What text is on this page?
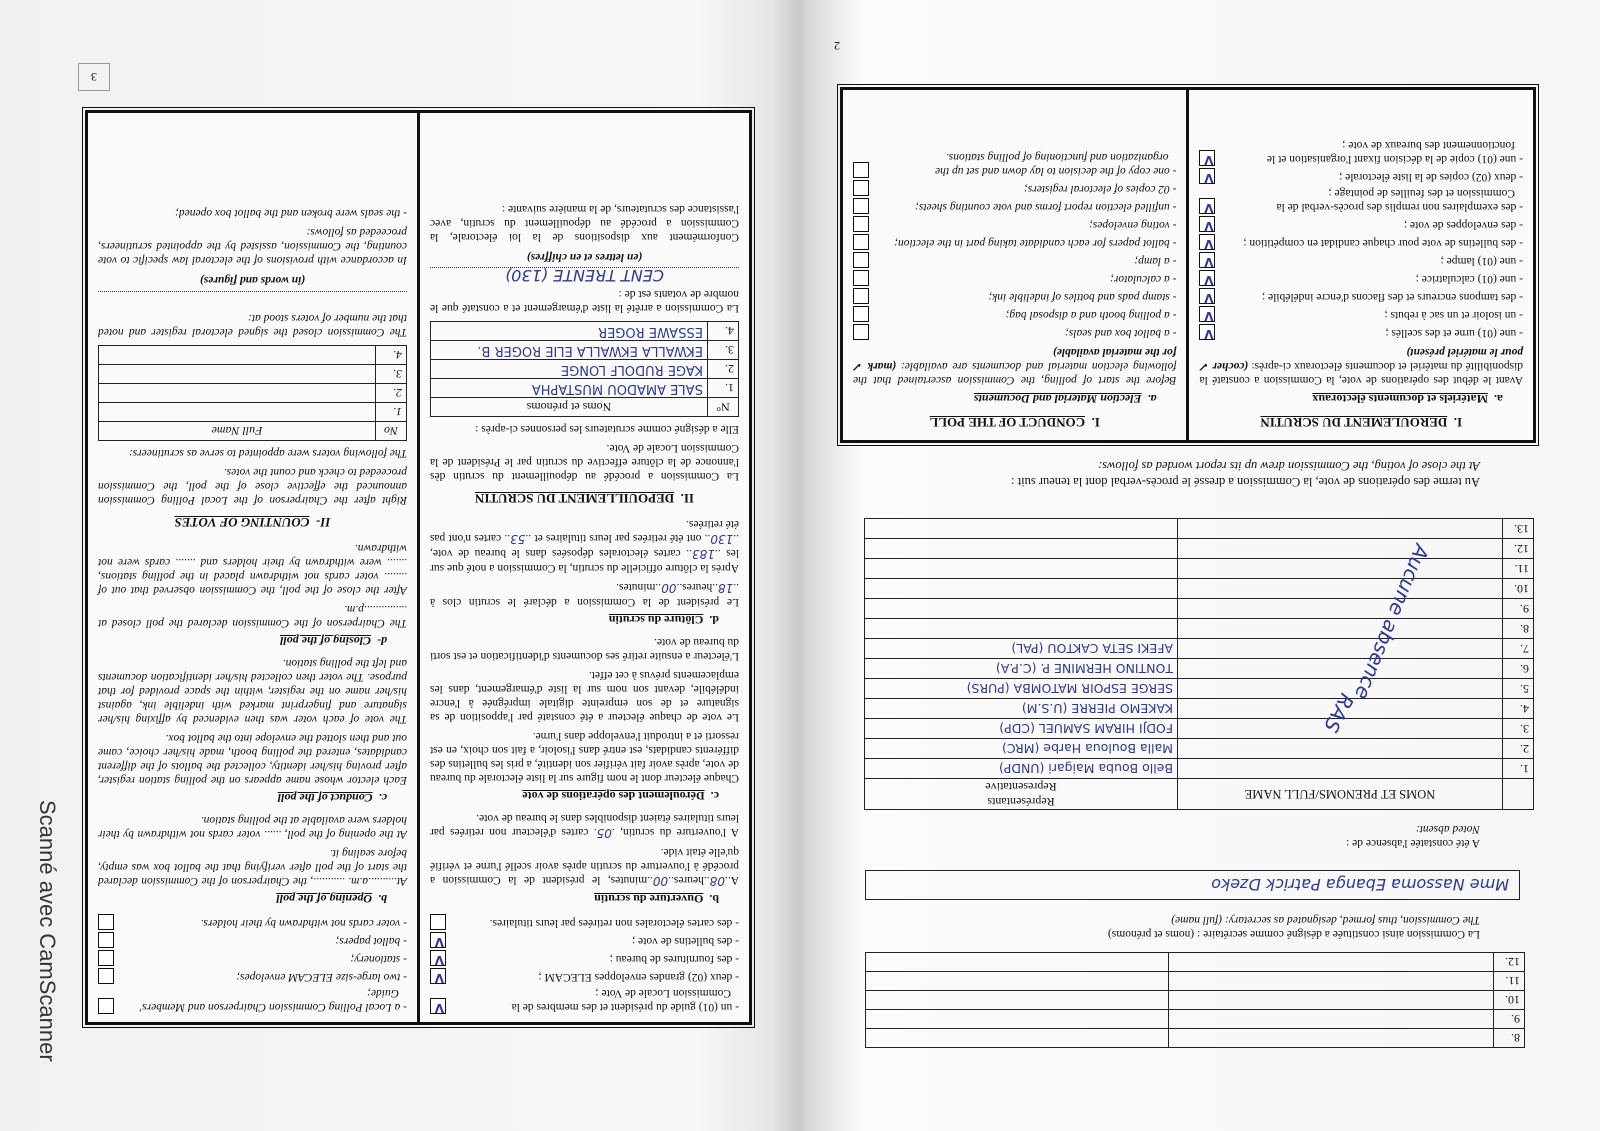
2
8.		
9.		
10.		
11.		
12.		
La Commission ainsi constituée a désigné comme secrétaire : (noms et prénoms)
The Commission, thus formed, designated as secretary: (full name)
Mme Nassoma Ebanga Patrick Dzeko
A été constatée l'absence de :
Noted absent:
	NOMS ET PRENOMS/FULL NAME	Représentants
Representative

1.		Bello Bouba Maigari (UNDP)
2.		Malla Bouloua Harbe (MRC)
3.		FODJI HIRAM SAMUEL (CDP)
4.		KAKEMO PIERRE (U.S.M)
5.		SERGE ESPOIR MATOMBA (PURS)
6.		TONTINO HERMINE P. (C.P.A)
7.		AFEKI SETA CAKTOU (PAL)
8.		
9.		
10.		
11.		
12.		
13.		
Aucune absence
RAS
Au terme des opérations de vote, la Commission a dressé le procès-verbal dont la teneur suit :
At the close of voting, the Commission drew up its report worded as follows:
I.  DEROULEMENT DU SCRUTIN
a.  Matériels et documents électoraux

Avant le début des opérations de vote, la Commission a constaté la disponibilité du matériel et documents électoraux ci-après: (cocher ✓ pour le matériel présent)

- une (01) urne et des scellés ;
V
- un isoloir et un sac à rebuts ;
V
- des tampons encreurs et des flacons d'encre indélébile ;
V
- une (01) calculatrice ;
V
- une (01) lampe ;
V
- des bulletins de vote pour chaque candidat en compétition ;
V
- des enveloppes de vote ;
V
- des exemplaires non remplis des procès-verbal de la Commission et des feuilles de pointage ;
V
- deux (02) copies de la liste électorale ;
V
- une (01) copie de la décision fixant l'organisation et le fonctionnement des bureaux de vote ;
V
I.  CONDUCT OF THE POLL
a.  Election Material and Documents

Before the start of polling, the Commission ascertained that the following election material and documents are available: (mark ✓ for the material available)

- a ballot box and seals;
- a polling booth and a disposal bag;
- stamp pads and bottles of indelible ink;
- a calculator;
- a lamp;
- ballot papers for each candidate taking part in the election;
- voting envelopes;
- unfilled election report forms and vote counting sheets;
- 02 copies of electoral registers;
- one copy of the decision to lay down and set up the organization and functioning of polling stations.
3
- un (01) guide du président et des membres de la Commission Locale de Vote ;
V
- deux (02) grandes enveloppes ELECAM ;
V
- des fournitures de bureau ;
V
- des bulletins de vote ;
V
- des cartes électorales non retirées par leurs titulaires.
b.  Ouverture du scrutin

A..08..heures..00..minutes, le président de la Commission a procédé à l'ouverture du scrutin après avoir scellé l'urne et vérifié qu'elle était vide.

A l'ouverture du scrutin, .05. cartes d'électeur non retirées par leurs titulaires étaient disponibles dans le bureau de vote.

c.  Déroulement des opérations de vote

Chaque électeur dont le nom figure sur la liste électorale du bureau de vote, après avoir fait vérifier son identité, a pris les bulletins des différents candidats, est entré dans l'isoloir, a fait son choix, en est ressorti et a introduit l'enveloppe dans l'urne.

Le vote de chaque électeur a été constaté par l'apposition de sa signature et de son empreinte digitale imprégnée à l'encre indélébile, devant son nom sur la liste d'émargement, dans les emplacements prévus à cet effet.

L'électeur a ensuite retiré ses documents d'identification et est sorti du bureau de vote.

d.  Clôture du scrutin

Le président de la Commission a déclaré le scrutin clos à ..18..heures..00..minutes.

Après la clôture officielle du scrutin, la Commission a noté que sur les ..183.. cartes électorales déposées dans le bureau de vote, ..130.. ont été retirées par leurs titulaires et ..53.. cartes n'ont pas été retirées.

II.  DEPOUILLEMENT DU SCRUTIN

La Commission a procédé au dépouillement du scrutin dès l'annonce de la clôture effective du scrutin par le Président de la Commission Locale de Vote.

Elle a désigné comme scrutateurs les personnes ci-après :

N°	Noms et prénoms
1.	SALE AMADOU MUSTAPHA
2.	KAGE RUDOLF LONGE
3.	EKWALLA EKWALLA ELIE ROGER B.
4.	ESSAWE ROGER

La Commission a arrêté la liste d'émargement et a constaté que le nombre de votants est de :

CENT TRENTE (130)
(en lettres et en chiffres)

Conformément aux dispositions de la loi électorale, la Commission a procédé au dépouillement du scrutin, avec l'assistance des scrutateurs, de la manière suivante :

- a Local Polling Commission Chairperson and Members' Guide;
- two large-size ELECAM envelopes;
- stationery;
- ballot papers;
- voter cards not withdrawn by their holders.
b.  Opening of the poll

At..........a.m. ..........., the Chairperson of the Commission declared the start of the poll after verifying that the ballot box was empty, before sealing it.

At the opening of the poll, ...... voter cards not withdrawn by their holders were available at the polling station.

c.  Conduct of the poll

Each elector whose name appears on the polling station register, after proving his/her identity, collected the ballots of the different candidates, entered the polling booth, made his/her choice, came out and then slotted the envelope into the ballot box.

The vote of each voter was then evidenced by affixing his/her signature and fingerprint marked with indelible ink, against his/her name on the register, within the space provided for that purpose. The voter then collected his/her identification documents and left the polling station.

d-  Closing of the poll

The Chairperson of the Commission declared the poll closed at ...............p.m.

After the close of the poll, the Commission observed that out of ........ voter cards not withdrawn placed in the polling stations, ....... were withdrawn by their holders and ....... cards were not withdrawn.

II-  COUNTING OF VOTES

Right after the Chairperson of the Local Polling Commission announced the effective close of the poll, the Commission proceeded to check and count the votes.

The following voters were appointed to serve as scrutineers:

No	Full Name
1.	
2.	
3.	
4.	

The Commission closed the signed electoral register and noted that the number of voters stood at:

(in words and figures)

In accordance with provisions of the electoral law specific to vote counting, the Commission, assisted by the appointed scrutineers, proceeded as follows:

- the seals were broken and the ballot box opened;

Scanné avec CamScanner
